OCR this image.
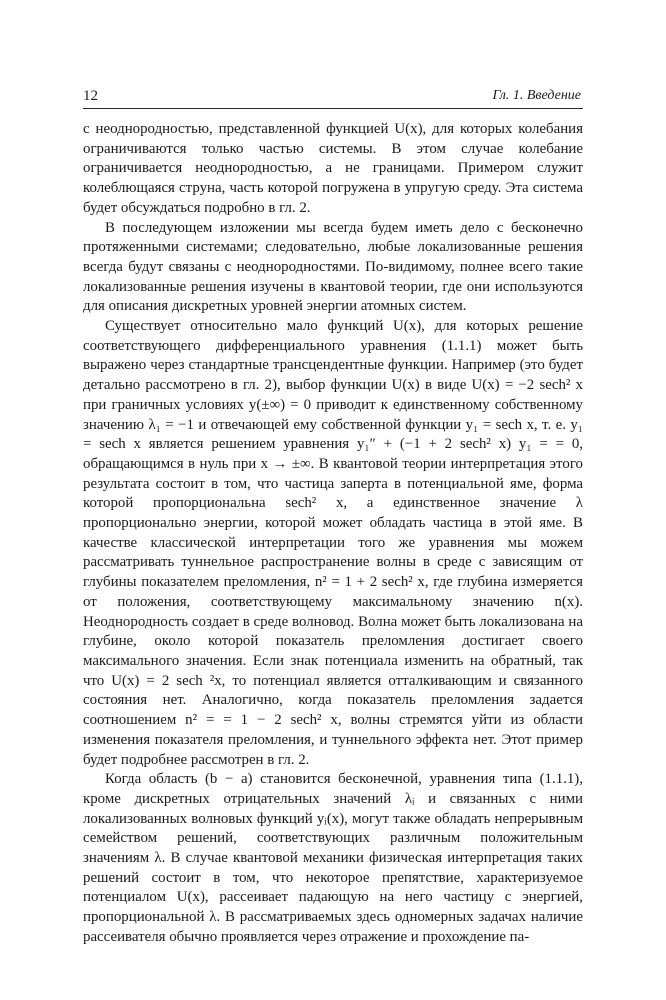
12	Гл. 1. Введение

с неоднородностью, представленной функцией U(x), для которых колебания ограничиваются только частью системы. В этом случае колебание ограничивается неоднородностью, а не границами. Примером служит колеблющаяся струна, часть которой погружена в упругую среду. Эта система будет обсуждаться подробно в гл. 2.

В последующем изложении мы всегда будем иметь дело с бесконечно протяженными системами; следовательно, любые локализованные решения всегда будут связаны с неоднородностями. По-видимому, полнее всего такие локализованные решения изучены в квантовой теории, где они используются для описания дискретных уровней энергии атомных систем.

Существует относительно мало функций U(x), для которых решение соответствующего дифференциального уравнения (1.1.1) может быть выражено через стандартные трансцендентные функции. Например (это будет детально рассмотрено в гл. 2), выбор функции U(x) в виде U(x) = −2 sech² x при граничных условиях y(±∞) = 0 приводит к единственному собственному значению λ₁ = −1 и отвечающей ему собственной функции y₁ = sech x, т. е. y₁ = sech x является решением уравнения y₁″ + (−1 + 2 sech² x) y₁ = = 0, обращающимся в нуль при x → ±∞. В квантовой теории интерпретация этого результата состоит в том, что частица заперта в потенциальной яме, форма которой пропорциональна sech² x, а единственное значение λ пропорционально энергии, которой может обладать частица в этой яме. В качестве классической интерпретации того же уравнения мы можем рассматривать туннельное распространение волны в среде с зависящим от глубины показателем преломления, n² = 1 + 2 sech² x, где глубина измеряется от положения, соответствующему максимальному значению n(x). Неоднородность создает в среде волновод. Волна может быть локализована на глубине, около которой показатель преломления достигает своего максимального значения. Если знак потенциала изменить на обратный, так что U(x) = 2 sech ²x, то потенциал является отталкивающим и связанного состояния нет. Аналогично, когда показатель преломления задается соотношением n² = = 1 − 2 sech² x, волны стремятся уйти из области изменения показателя преломления, и туннельного эффекта нет. Этот пример будет подробнее рассмотрен в гл. 2.

Когда область (b − a) становится бесконечной, уравнения типа (1.1.1), кроме дискретных отрицательных значений λᵢ и связанных с ними локализованных волновых функций yᵢ(x), могут также обладать непрерывным семейством решений, соответствующих различным положительным значениям λ. В случае квантовой механики физическая интерпретация таких решений состоит в том, что некоторое препятствие, характеризуемое потенциалом U(x), рассеивает падающую на него частицу с энергией, пропорциональной λ. В рассматриваемых здесь одномерных задачах наличие рассеивателя обычно проявляется через отражение и прохождение па-
